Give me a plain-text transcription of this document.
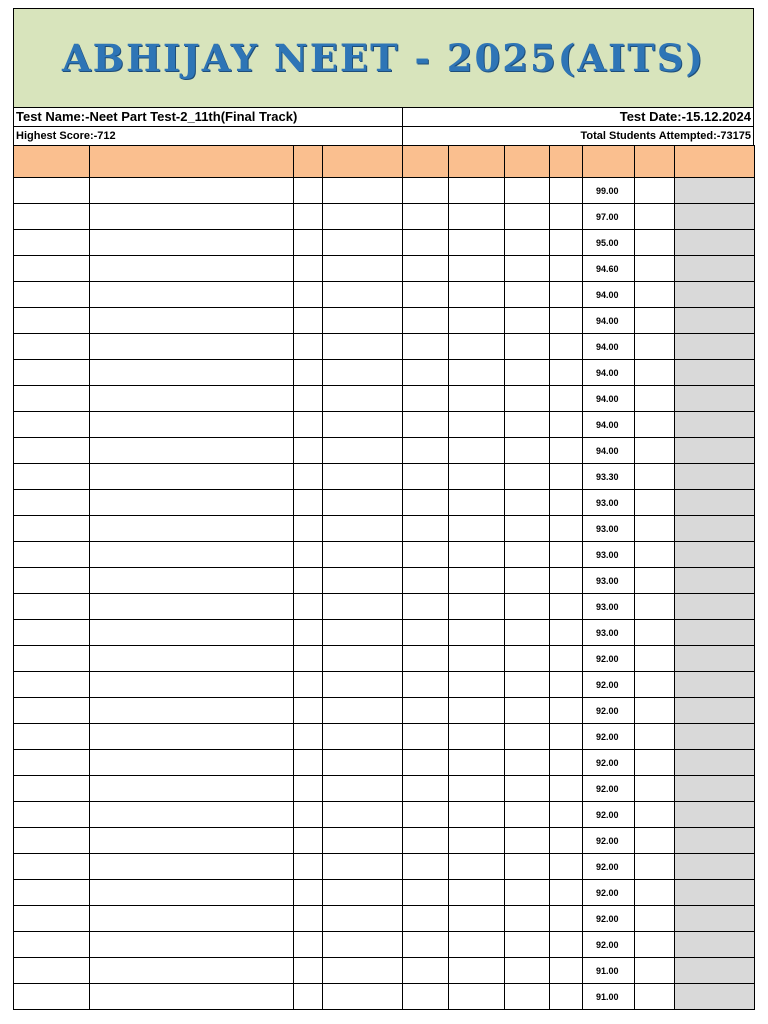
ABHIJAY NEET - 2025(AITS)
Test Name:-Neet Part Test-2_11th(Final Track)	Test Date:-15.12.2024
Highest Score:-712	Total Students Attempted:-73175

								99.00		
								97.00		
								95.00		
								94.60		
								94.00		
								94.00		
								94.00		
								94.00		
								94.00		
								94.00		
								94.00		
								93.30		
								93.00		
								93.00		
								93.00		
								93.00		
								93.00		
								93.00		
								92.00		
								92.00		
								92.00		
								92.00		
								92.00		
								92.00		
								92.00		
								92.00		
								92.00		
								92.00		
								92.00		
								92.00		
								91.00		
								91.00		
